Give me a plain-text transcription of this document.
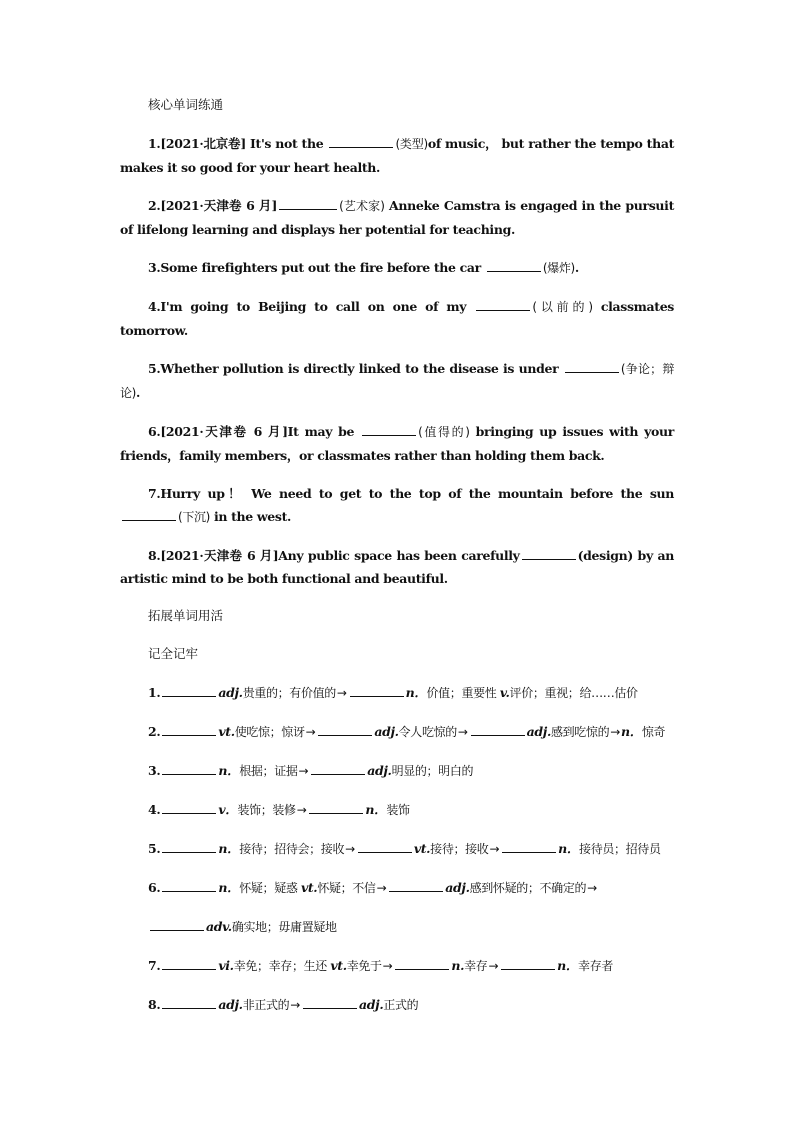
核心单词练通
1.[2021·北京卷] It's not the	(类型)of music， but rather the tempo that makes it so good for your heart health.
2.[2021·天津卷 6 月]	(艺术家) Anneke Camstra is engaged in the pursuit of lifelong learning and displays her potential for teaching.
3.Some firefighters put out the fire before the car	(爆炸).
4.I'm going to Beijing to call on one of my	(以前的) classmates tomorrow.
5.Whether pollution is directly linked to the disease is under	(争论；辩论).
6.[2021·天津卷 6 月]It may be	(值得的) bringing up issues with your friends，family members，or classmates rather than holding them back.
7.Hurry up！ We need to get to the top of the mountain before the sun (下沉) in the west.
8.[2021·天津卷 6 月]Any public space has been carefully	(design) by an artistic mind to be both functional and beautiful.
拓展单词用活
记全记牢
1.	adj.贵重的；有价值的→	n．价值；重要性 v.评价；重视；给……估价
2.	vt.使吃惊；惊讶→	adj.令人吃惊的→	adj.感到吃惊的→n．惊奇
3.	n．根据；证据→	adj.明显的；明白的
4.	v．装饰；装修→	n．装饰
5.	n．接待；招待会；接收→	vt.接待；接收→	n．接待员；招待员
6.	n．怀疑；疑惑 vt.怀疑；不信→	adj.感到怀疑的；不确定的→
adv.确实地；毋庸置疑地
7.	vi.幸免；幸存；生还 vt.幸免于→	n.幸存→	n．幸存者
8.	adj.非正式的→	adj.正式的
